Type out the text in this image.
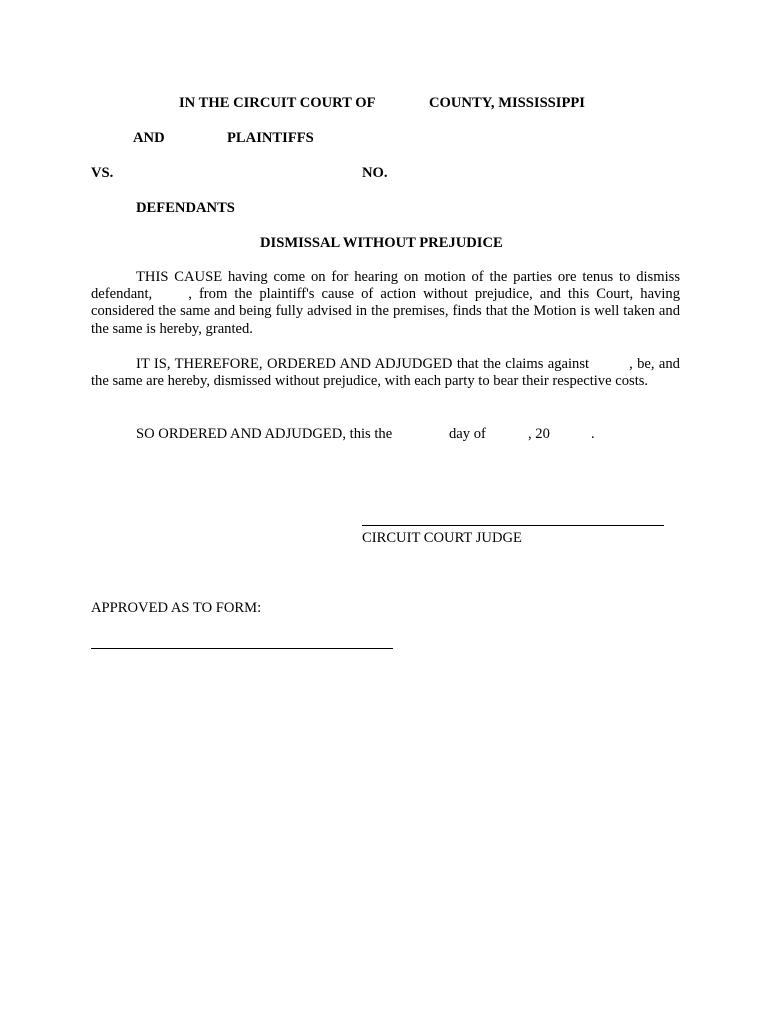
IN THE CIRCUIT COURT OF	COUNTY, MISSISSIPPI
AND	PLAINTIFFS
VS.	NO.
DEFENDANTS
DISMISSAL WITHOUT PREJUDICE

THIS CAUSE having come on for hearing on motion of the parties ore tenus to dismiss defendant, , from the plaintiff's cause of action without prejudice, and this Court, having considered the same and being fully advised in the premises, finds that the Motion is well taken and the same is hereby, granted.

IT IS, THEREFORE, ORDERED AND ADJUDGED that the claims against	, be, and the same are hereby, dismissed without prejudice, with each party to bear their respective costs.

SO ORDERED AND ADJUDGED, this the	day of	, 20	.
CIRCUIT COURT JUDGE
APPROVED AS TO FORM:
